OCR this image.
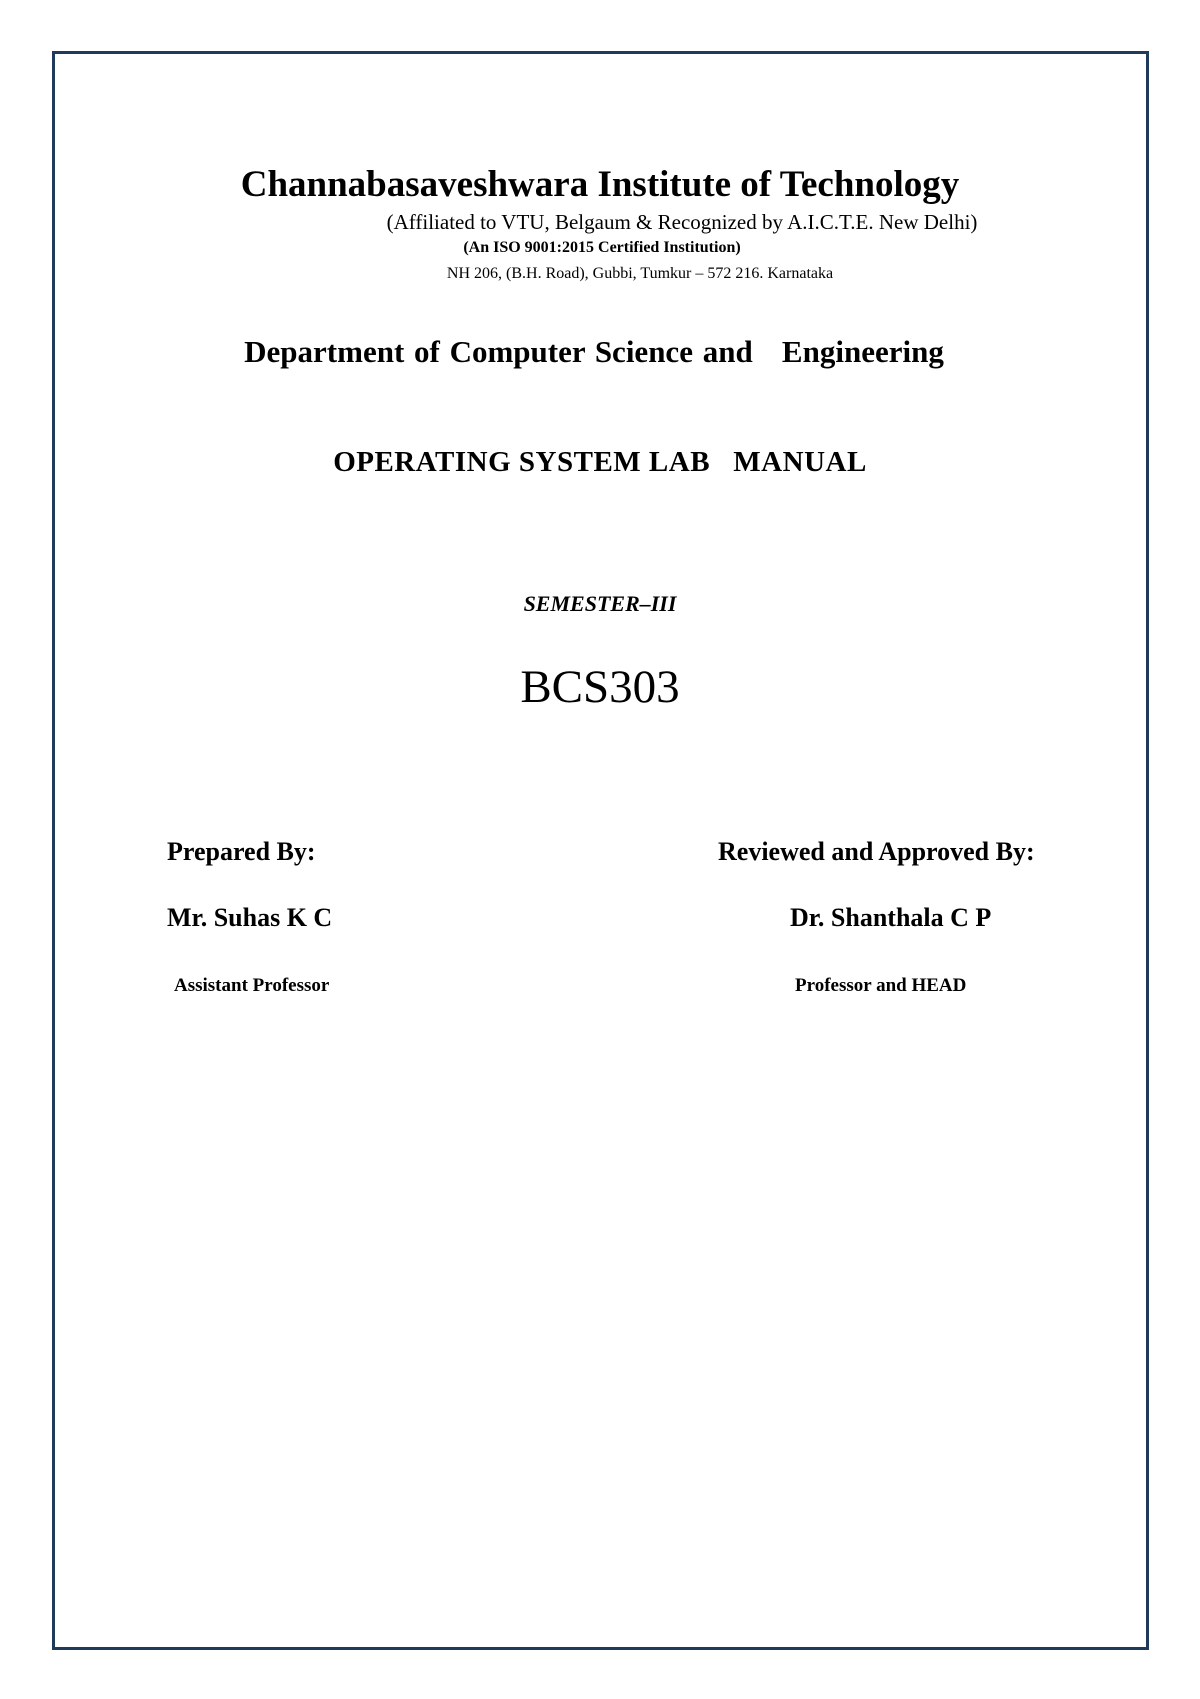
Channabasaveshwara Institute of Technology
(Affiliated to VTU, Belgaum & Recognized by A.I.C.T.E. New Delhi)
(An ISO 9001:2015 Certified Institution)
NH 206, (B.H. Road), Gubbi, Tumkur – 572 216. Karnataka
Department of Computer Science and   Engineering
OPERATING SYSTEM LAB   MANUAL
SEMESTER–III
BCS303
Prepared By:
Mr. Suhas K C
Assistant Professor
Reviewed and Approved By:
Dr. Shanthala C P
Professor and HEAD
